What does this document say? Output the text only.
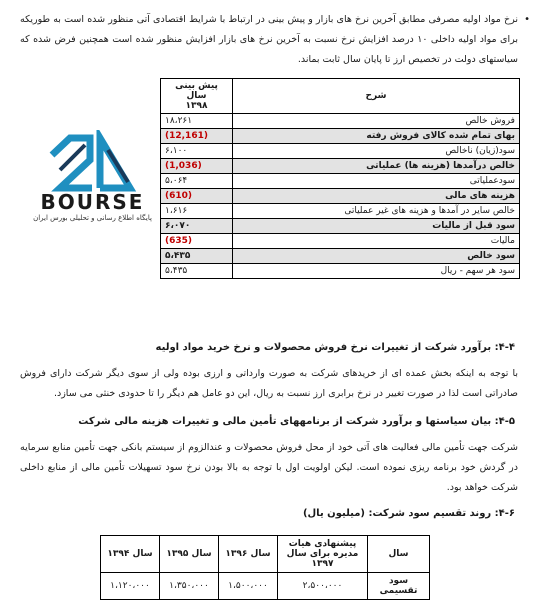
• نرخ مواد اولیه مصرفی مطابق آخرین نرخ های بازار و پیش بینی در ارتباط با شرایط اقتصادی آتی منظور شده است به طوریکه برای مواد اولیه داخلی ۱۰ درصد افزایش نرخ نسبت به آخرین نرخ های بازار افزایش منظور شده است همچنین فرض شده که سیاستهای دولت در تخصیص ارز تا پایان سال ثابت بماند.
BOURSE
پایگاه اطلاع رسانی و تحلیلی بورس ایران
شرح	پیش بینی سال
۱۳۹۸

فروش خالص	۱۸،۲۶۱
بهای تمام شده کالای فروش رفته	(12,161)
سود(زیان) ناخالص	۶،۱۰۰
خالص درآمدها (هزینه ها) عملیاتی	(1,036)
سودعملیاتی	۵،۰۶۴
هزینه های مالی	(610)
خالص سایر در آمدها و هزینه های غیر عملیاتی	۱،۶۱۶
سود قبل از مالیات	۶،۰۷۰
مالیات	(635)
سود خالص	۵،۴۳۵
سود هر سهم - ریال	۵،۴۳۵
۴-۴: برآورد شرکت از تغییرات نرخ فروش محصولات و نرخ خرید مواد اولیه
با توجه به اینکه بخش عمده ای از خریدهای شرکت به صورت وارداتی و ارزی بوده ولی از سوی دیگر شرکت دارای فروش صادراتی است لذا در صورت تغییر در نرخ برابری ارز نسبت به ریال، این دو عامل هم دیگر را تا حدودی خنثی می سازد.
۴-۵: بیان سیاستها و برآورد شرکت از برنامههای تأمین مالی و تغییرات هزینه مالی شرکت
شرکت جهت تأمین مالی فعالیت های آتی خود از محل فروش محصولات و عندالزوم از سیستم بانکی جهت تأمین منابع سرمایه در گردش خود برنامه ریزی نموده است. لیکن اولویت اول با توجه به بالا بودن نرخ سود تسهیلات تأمین مالی از منابع داخلی شرکت خواهد بود.
۴-۶: روند تقسیم سود شرکت: (میلیون یال)
سال	پیشنهادی هیات مدیره برای سال ۱۳۹۷	سال ۱۳۹۶	سال ۱۳۹۵	سال ۱۳۹۴
سود تقسیمی	۲،۵۰۰،۰۰۰	۱،۵۰۰،۰۰۰	۱،۳۵۰،۰۰۰	۱،۱۲۰،۰۰۰
